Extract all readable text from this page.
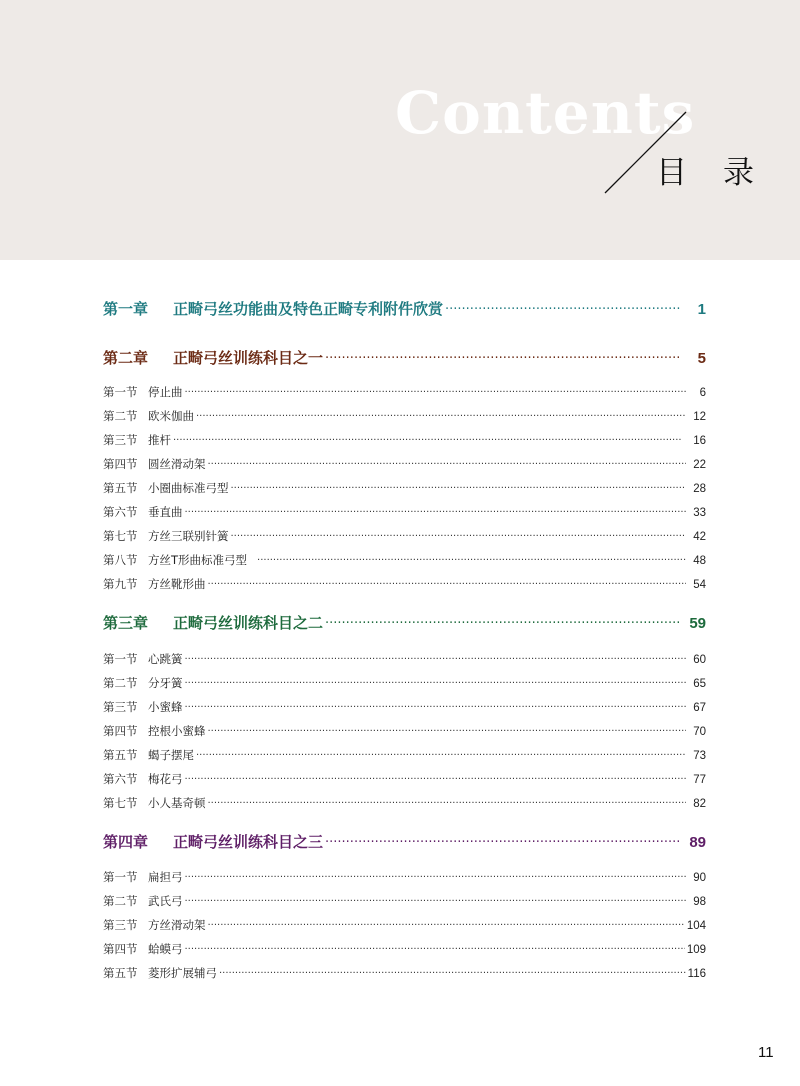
Contents
目 录
第一章	正畸弓丝功能曲及特色正畸专利附件欣赏 ·····	1
第二章	正畸弓丝训练科目之一 ·····	5
第一节 停止曲 ·····	6
第二节 欧米伽曲 ·····	12
第三节 推杆 ·····	16
第四节 圆丝滑动架 ·····	22
第五节 小圈曲标准弓型 ·····	28
第六节 垂直曲 ·····	33
第七节 方丝三联别针簧 ·····	42
第八节 方丝T形曲标准弓型 ·····	48
第九节 方丝靴形曲 ·····	54
第三章	正畸弓丝训练科目之二 ·····	59
第一节 心跳簧 ·····	60
第二节 分牙簧 ·····	65
第三节 小蜜蜂 ·····	67
第四节 控根小蜜蜂 ·····	70
第五节 蝎子摆尾 ·····	73
第六节 梅花弓 ·····	77
第七节 小人基奇顿 ·····	82
第四章	正畸弓丝训练科目之三 ·····	89
第一节 扁担弓 ·····	90
第二节 武氏弓 ·····	98
第三节 方丝滑动架 ·····	104
第四节 蛤蟆弓 ·····	109
第五节 菱形扩展辅弓 ·····	116
11
